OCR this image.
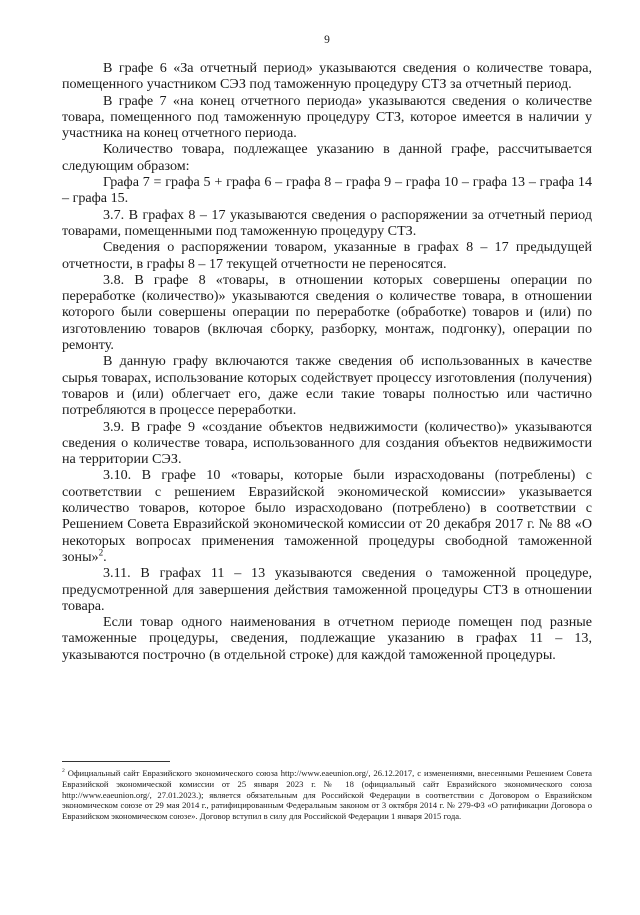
9

В графе 6 «За отчетный период» указываются сведения о количестве товара, помещенного участником СЭЗ под таможенную процедуру СТЗ за отчетный период.

В графе 7 «на конец отчетного периода» указываются сведения о количестве товара, помещенного под таможенную процедуру СТЗ, которое имеется в наличии у участника на конец отчетного периода.

Количество товара, подлежащее указанию в данной графе, рассчитывается следующим образом:

Графа 7 = графа 5 + графа 6 – графа 8 – графа 9 – графа 10 – графа 13 – графа 14 – графа 15.

3.7. В графах 8 – 17 указываются сведения о распоряжении за отчетный период товарами, помещенными под таможенную процедуру СТЗ.

Сведения о распоряжении товаром, указанные в графах 8 – 17 предыдущей отчетности, в графы 8 – 17 текущей отчетности не переносятся.

3.8. В графе 8 «товары, в отношении которых совершены операции по переработке (количество)» указываются сведения о количестве товара, в отношении которого были совершены операции по переработке (обработке) товаров и (или) по изготовлению товаров (включая сборку, разборку, монтаж, подгонку), операции по ремонту.

В данную графу включаются также сведения об использованных в качестве сырья товарах, использование которых содействует процессу изготовления (получения) товаров и (или) облегчает его, даже если такие товары полностью или частично потребляются в процессе переработки.

3.9. В графе 9 «создание объектов недвижимости (количество)» указываются сведения о количестве товара, использованного для создания объектов недвижимости на территории СЭЗ.

3.10. В графе 10 «товары, которые были израсходованы (потреблены) с соответствии с решением Евразийской экономической комиссии» указывается количество товаров, которое было израсходовано (потреблено) в соответствии с Решением Совета Евразийской экономической комиссии от 20 декабря 2017 г. № 88 «О некоторых вопросах применения таможенной процедуры свободной таможенной зоны»$^2$.

3.11. В графах 11 – 13 указываются сведения о таможенной процедуре, предусмотренной для завершения действия таможенной процедуры СТЗ в отношении товара.

Если товар одного наименования в отчетном периоде помещен под разные таможенные процедуры, сведения, подлежащие указанию в графах 11 – 13, указываются построчно (в отдельной строке) для каждой таможенной процедуры.

$^2$ Официальный сайт Евразийского экономического союза http://www.eaeunion.org/, 26.12.2017, с изменениями, внесенными Решением Совета Евразийской экономической комиссии от 25 января 2023 г. № 18 (официальный сайт Евразийского экономического союза http://www.eaeunion.org/, 27.01.2023.); является обязательным для Российской Федерации в соответствии с Договором о Евразийском экономическом союзе от 29 мая 2014 г., ратифицированным Федеральным законом от 3 октября 2014 г. № 279-ФЗ «О ратификации Договора о Евразийском экономическом союзе». Договор вступил в силу для Российской Федерации 1 января 2015 года.
